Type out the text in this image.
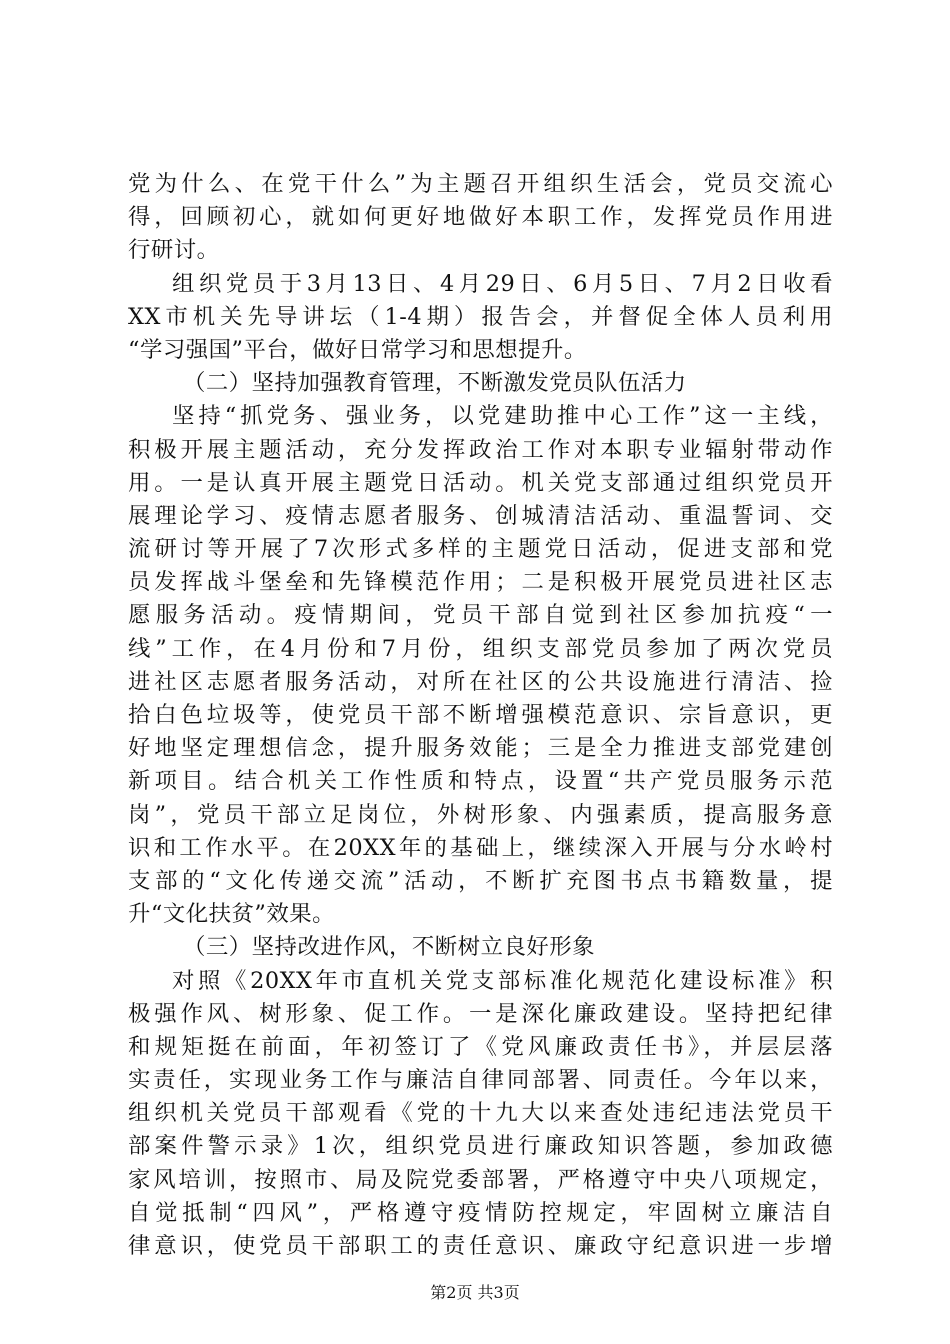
党为什么、在党干什么”为主题召开组织生活会，党员交流心
得，回顾初心，就如何更好地做好本职工作，发挥党员作用进
行研讨。
组织党员于3月13日、4月29日、6月5日、7月2日收看
XX市机关先导讲坛（1-4期）报告会，并督促全体人员利用
“学习强国”平台，做好日常学习和思想提升。
（二）坚持加强教育管理，不断激发党员队伍活力
坚持“抓党务、强业务，以党建助推中心工作”这一主线，
积极开展主题活动，充分发挥政治工作对本职专业辐射带动作
用。一是认真开展主题党日活动。机关党支部通过组织党员开
展理论学习、疫情志愿者服务、创城清洁活动、重温誓词、交
流研讨等开展了7次形式多样的主题党日活动，促进支部和党
员发挥战斗堡垒和先锋模范作用；二是积极开展党员进社区志
愿服务活动。疫情期间，党员干部自觉到社区参加抗疫“一
线”工作，在4月份和7月份，组织支部党员参加了两次党员
进社区志愿者服务活动，对所在社区的公共设施进行清洁、捡
拾白色垃圾等，使党员干部不断增强模范意识、宗旨意识，更
好地坚定理想信念，提升服务效能；三是全力推进支部党建创
新项目。结合机关工作性质和特点，设置“共产党员服务示范
岗”，党员干部立足岗位，外树形象、内强素质，提高服务意
识和工作水平。在20XX年的基础上，继续深入开展与分水岭村
支部的“文化传递交流”活动，不断扩充图书点书籍数量，提
升“文化扶贫”效果。
（三）坚持改进作风，不断树立良好形象
对照《20XX年市直机关党支部标准化规范化建设标准》积
极强作风、树形象、促工作。一是深化廉政建设。坚持把纪律
和规矩挺在前面，年初签订了《党风廉政责任书》，并层层落
实责任，实现业务工作与廉洁自律同部署、同责任。今年以来，
组织机关党员干部观看《党的十九大以来查处违纪违法党员干
部案件警示录》1次，组织党员进行廉政知识答题，参加政德
家风培训，按照市、局及院党委部署，严格遵守中央八项规定，
自觉抵制“四风”，严格遵守疫情防控规定，牢固树立廉洁自
律意识，使党员干部职工的责任意识、廉政守纪意识进一步增
第2页 共3页
